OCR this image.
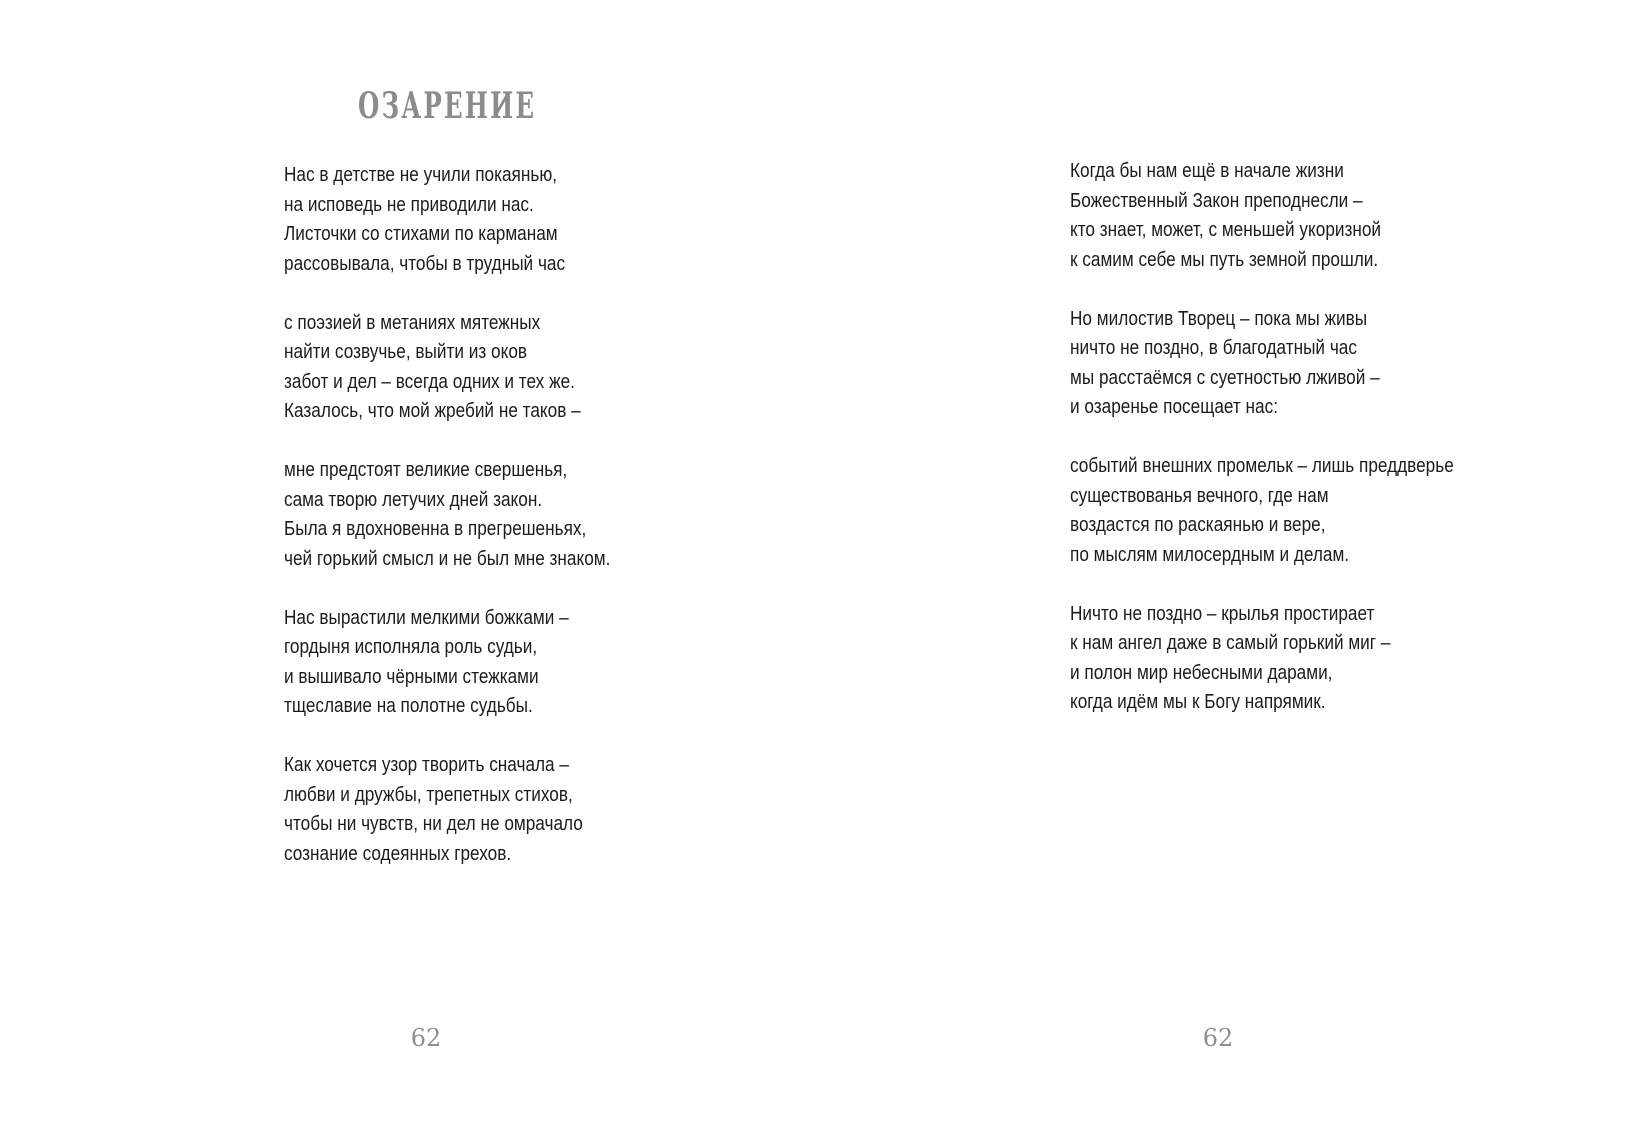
ОЗАРЕНИЕ
Нас в детстве не учили покаянью,
на исповедь не приводили нас.
Листочки со стихами по карманам
рассовывала, чтобы в трудный час
с поэзией в метаниях мятежных
найти созвучье, выйти из оков
забот и дел – всегда одних и тех же.
Казалось, что мой жребий не таков –
мне предстоят великие свершенья,
сама творю летучих дней закон.
Была я вдохновенна в прегрешеньях,
чей горький смысл и не был мне знаком.
Нас вырастили мелкими божками –
гордыня исполняла роль судьи,
и вышивало чёрными стежками
тщеславие на полотне судьбы.
Как хочется узор творить сначала –
любви и дружбы, трепетных стихов,
чтобы ни чувств, ни дел не омрачало
сознание содеянных грехов.
62
Когда бы нам ещё в начале жизни
Божественный Закон преподнесли –
кто знает, может, с меньшей укоризной
к самим себе мы путь земной прошли.
Но милостив Творец – пока мы живы
ничто не поздно, в благодатный час
мы расстаёмся с суетностью лживой –
и озаренье посещает нас:
событий внешних промельк – лишь преддверье
существованья вечного, где нам
воздастся по раскаянью и вере,
по мыслям милосердным и делам.
Ничто не поздно – крылья простирает
к нам ангел даже в самый горький миг –
и полон мир небесными дарами,
когда идём мы к Богу напрямик.
62
